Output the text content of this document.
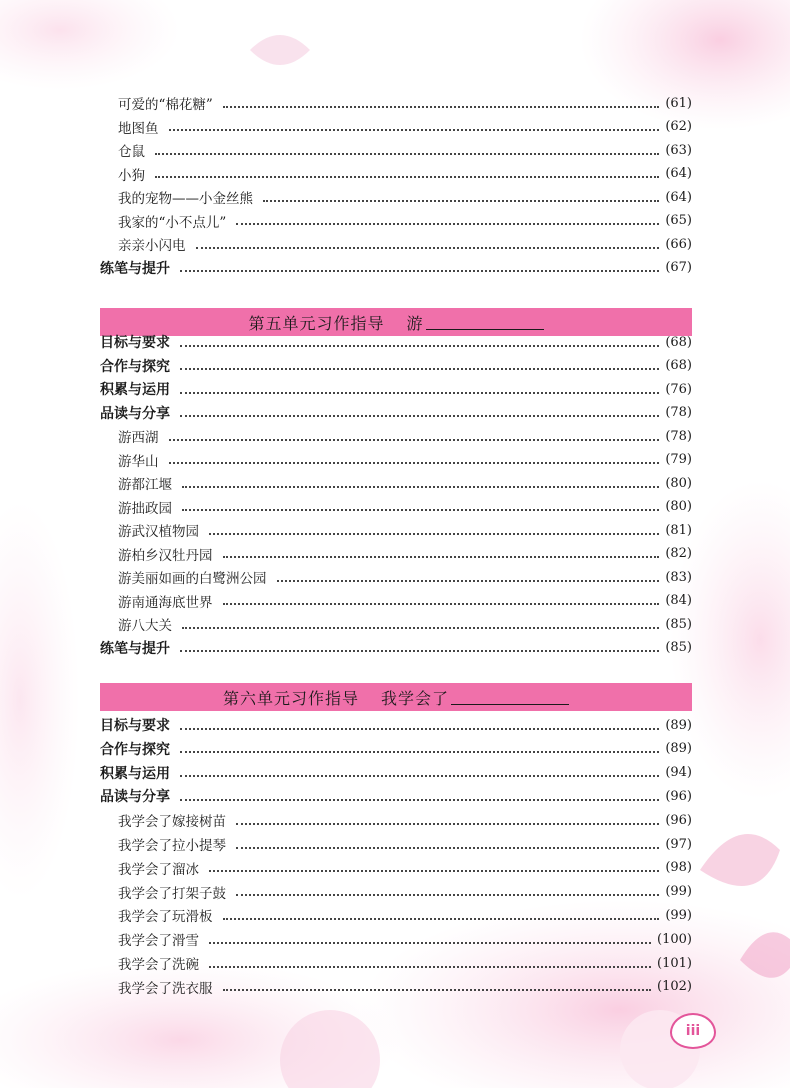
可爱的“棉花糖”	(61)
地图鱼	(62)
仓鼠	(63)
小狗	(64)
我的宠物——小金丝熊	(64)
我家的“小不点儿”	(65)
亲亲小闪电	(66)
练笔与提升	(67)
第五单元习作指导 游
目标与要求	(68)
合作与探究	(68)
积累与运用	(76)
品读与分享	(78)
游西湖	(78)
游华山	(79)
游都江堰	(80)
游拙政园	(80)
游武汉植物园	(81)
游柏乡汉牡丹园	(82)
游美丽如画的白鹭洲公园	(83)
游南通海底世界	(84)
游八大关	(85)
练笔与提升	(85)
第六单元习作指导 我学会了
目标与要求	(89)
合作与探究	(89)
积累与运用	(94)
品读与分享	(96)
我学会了嫁接树苗	(96)
我学会了拉小提琴	(97)
我学会了溜冰	(98)
我学会了打架子鼓	(99)
我学会了玩滑板	(99)
我学会了滑雪	(100)
我学会了洗碗	(101)
我学会了洗衣服	(102)
iii
